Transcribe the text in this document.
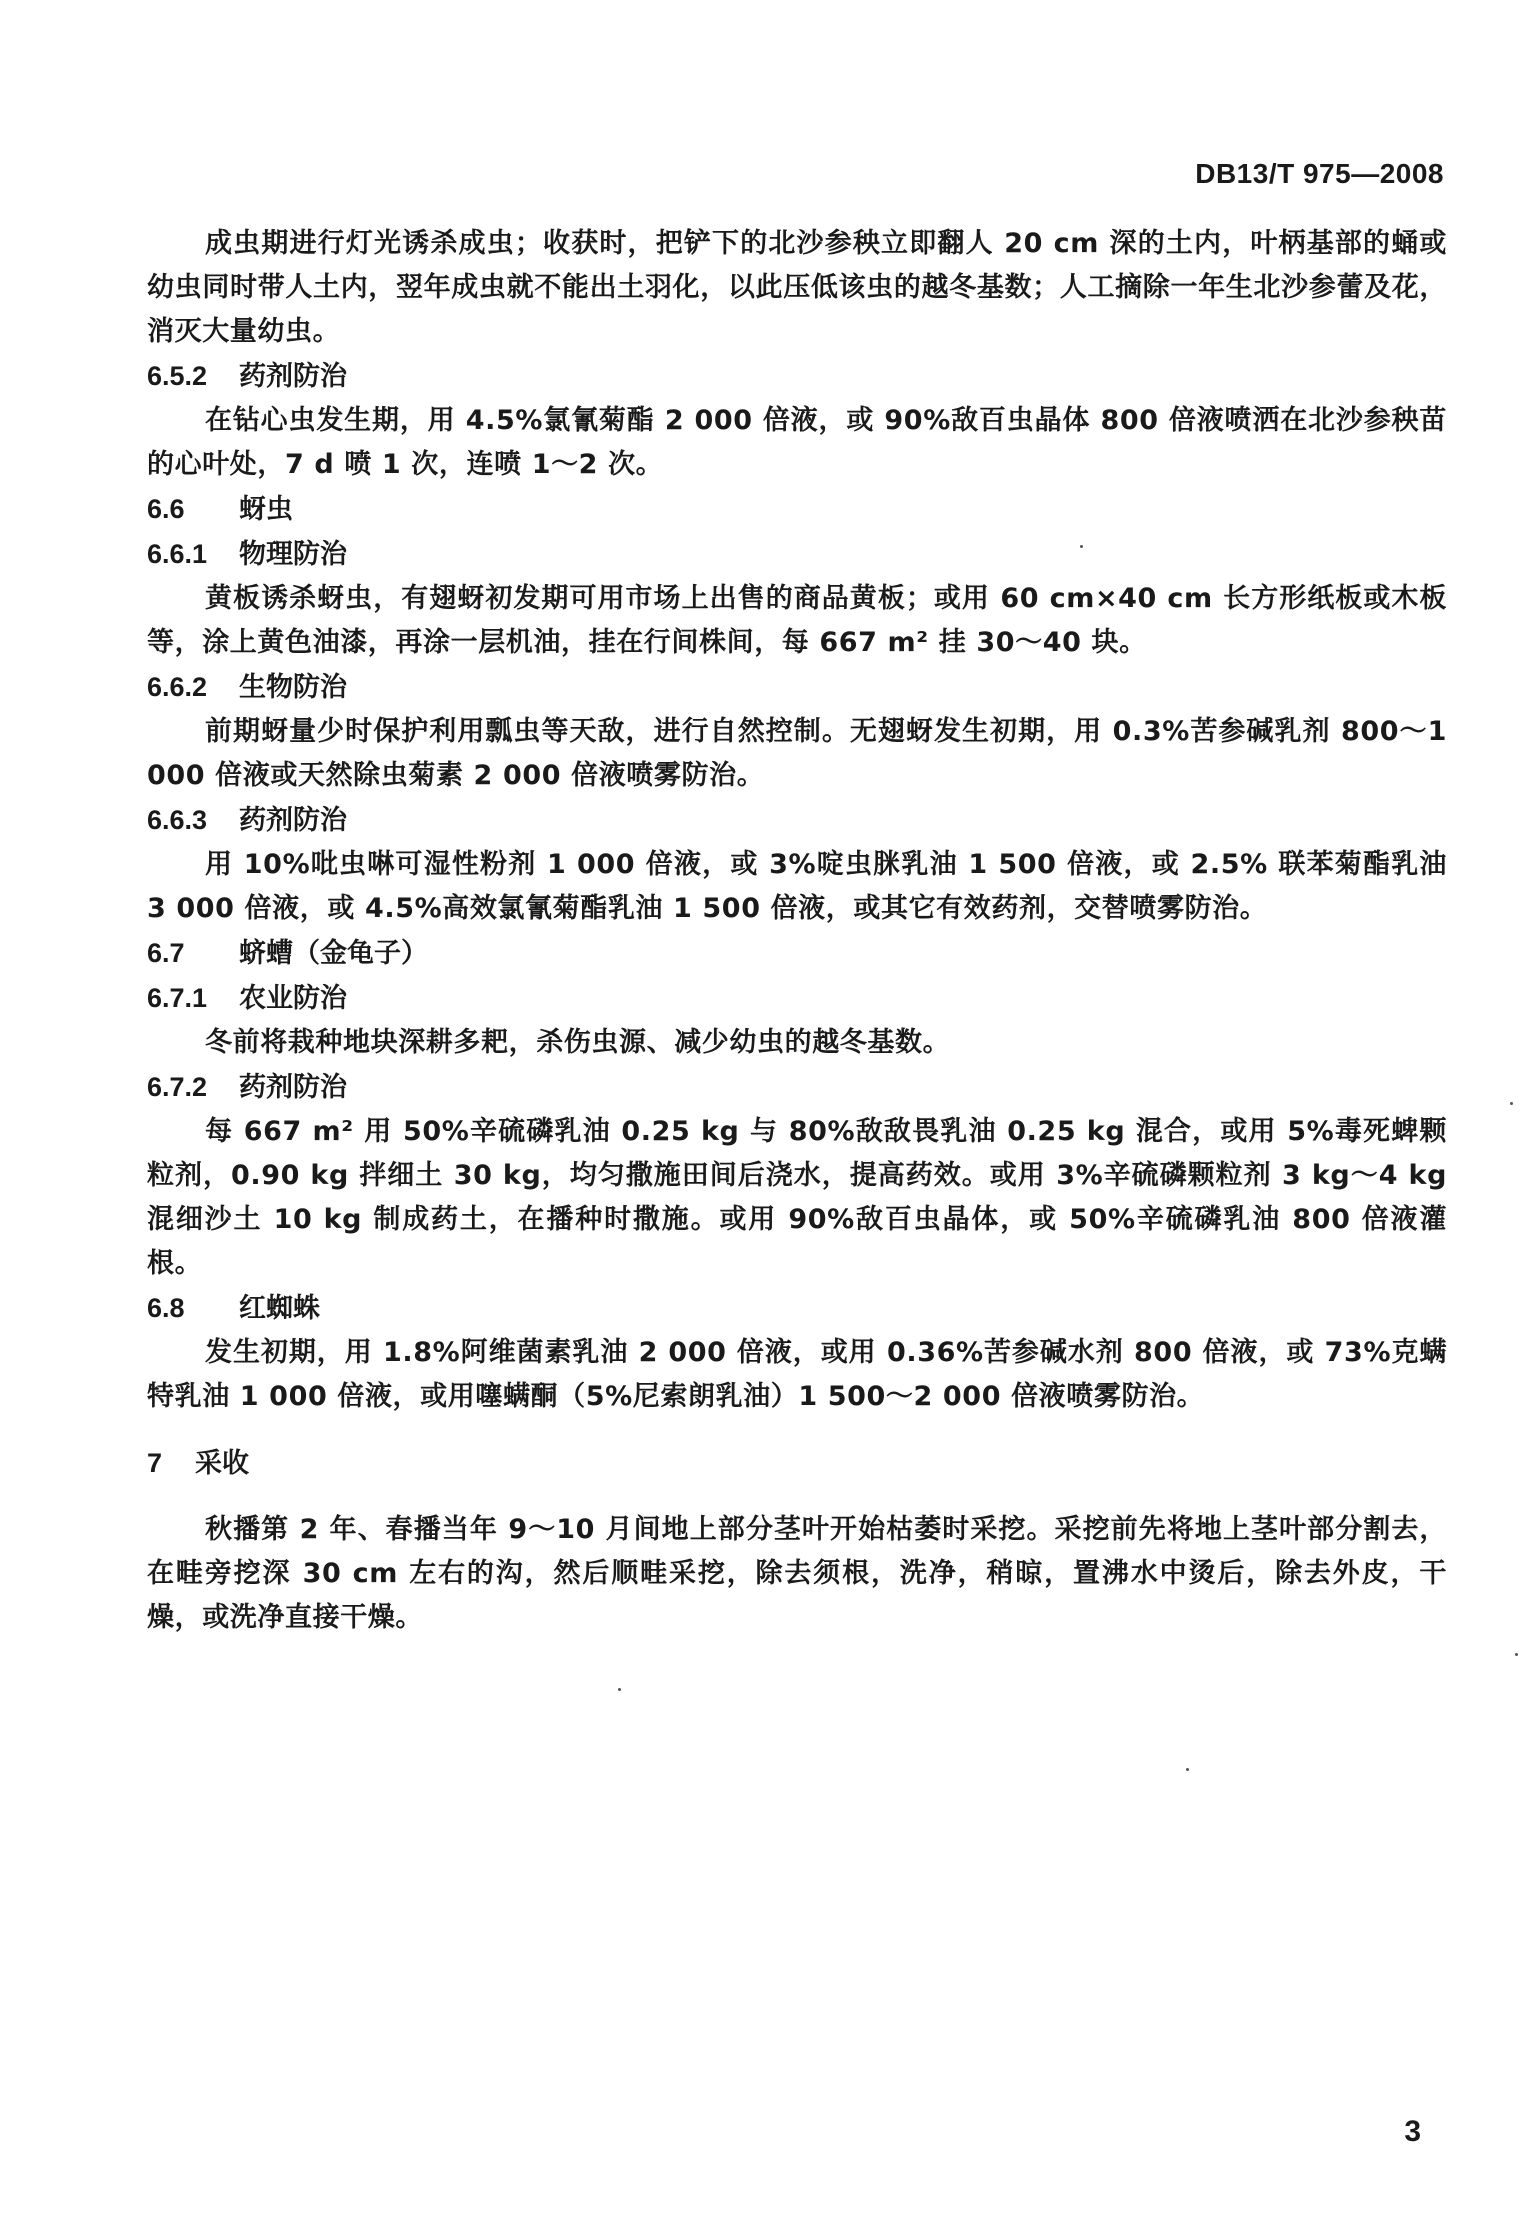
DB13/T 975—2008

成虫期进行灯光诱杀成虫；收获时，把铲下的北沙参秧立即翻人 20 cm 深的土内，叶柄基部的蛹或幼虫同时带人土内，翌年成虫就不能出土羽化，以此压低该虫的越冬基数；人工摘除一年生北沙参蕾及花，消灭大量幼虫。

6.5.2 药剂防治

在钻心虫发生期，用 4.5%氯氰菊酯 2 000 倍液，或 90%敌百虫晶体 800 倍液喷洒在北沙参秧苗的心叶处，7 d 喷 1 次，连喷 1～2 次。

6.6 蚜虫
6.6.1 物理防治

黄板诱杀蚜虫，有翅蚜初发期可用市场上出售的商品黄板；或用 60 cm×40 cm 长方形纸板或木板等，涂上黄色油漆，再涂一层机油，挂在行间株间，每 667 m² 挂 30～40 块。

6.6.2 生物防治

前期蚜量少时保护利用瓢虫等天敌，进行自然控制。无翅蚜发生初期，用 0.3%苦参碱乳剂 800～1 000 倍液或天然除虫菊素 2 000 倍液喷雾防治。

6.6.3 药剂防治

用 10%吡虫啉可湿性粉剂 1 000 倍液，或 3%啶虫脒乳油 1 500 倍液，或 2.5% 联苯菊酯乳油 3 000 倍液，或 4.5%高效氯氰菊酯乳油 1 500 倍液，或其它有效药剂，交替喷雾防治。

6.7 蛴螬（金龟子）
6.7.1 农业防治

冬前将栽种地块深耕多耙，杀伤虫源、减少幼虫的越冬基数。

6.7.2 药剂防治

每 667 m² 用 50%辛硫磷乳油 0.25 kg 与 80%敌敌畏乳油 0.25 kg 混合，或用 5%毒死蜱颗粒剂，0.90 kg 拌细土 30 kg，均匀撒施田间后浇水，提高药效。或用 3%辛硫磷颗粒剂 3 kg～4 kg 混细沙土 10 kg 制成药土，在播种时撒施。或用 90%敌百虫晶体，或 50%辛硫磷乳油 800 倍液灌根。

6.8 红蜘蛛

发生初期，用 1.8%阿维菌素乳油 2 000 倍液，或用 0.36%苦参碱水剂 800 倍液，或 73%克螨特乳油 1 000 倍液，或用噻螨酮（5%尼索朗乳油）1 500～2 000 倍液喷雾防治。

7 采收

秋播第 2 年、春播当年 9～10 月间地上部分茎叶开始枯萎时采挖。采挖前先将地上茎叶部分割去，在畦旁挖深 30 cm 左右的沟，然后顺畦采挖，除去须根，洗净，稍晾，置沸水中烫后，除去外皮，干燥，或洗净直接干燥。

3
